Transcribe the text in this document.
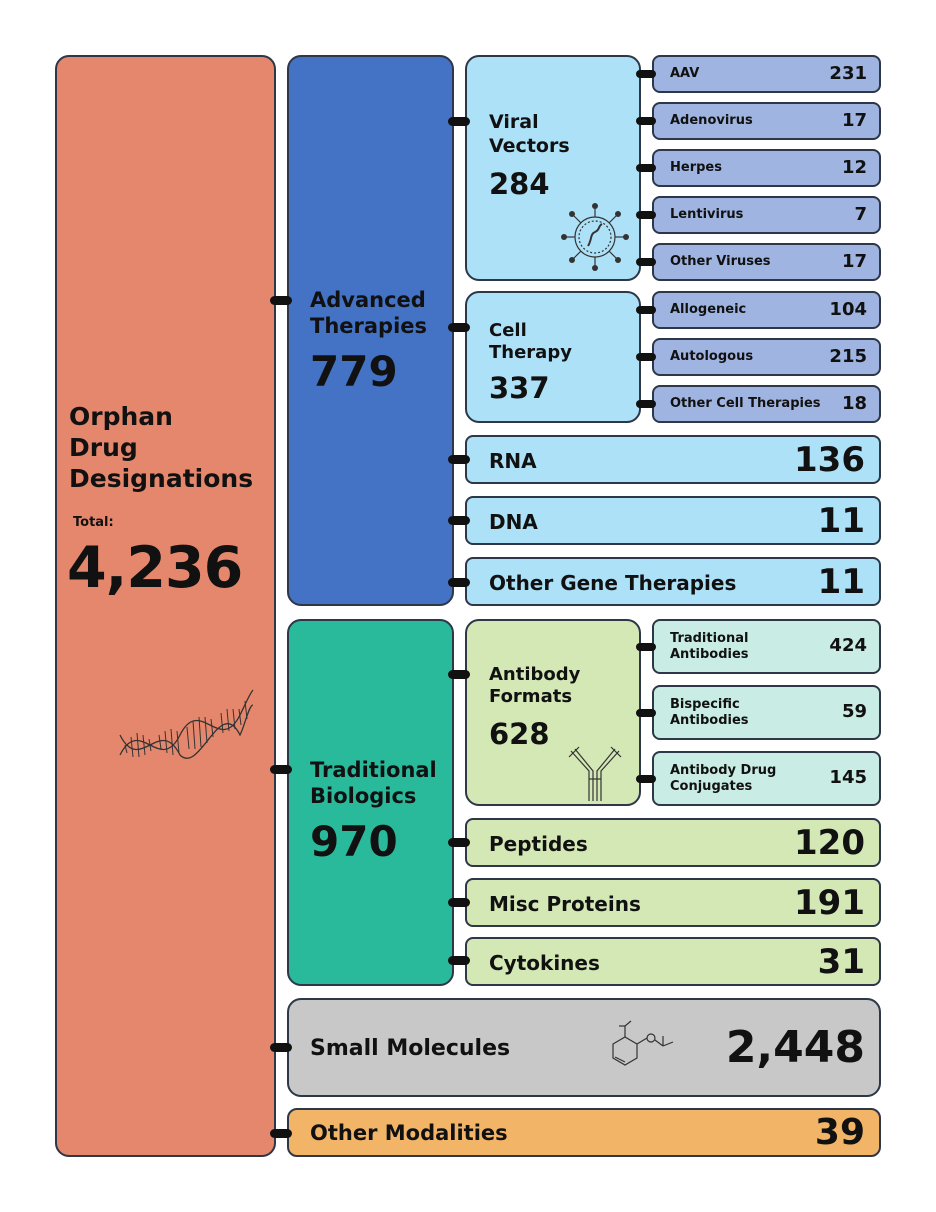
Orphan
Drug
Designations
Total:
4,236
Advanced
Therapies
779
Viral
Vectors
284
AAV	231
Adenovirus	17
Herpes	12
Lentivirus	7
Other Viruses	17
Cell
Therapy
337
Allogeneic	104
Autologous	215
Other Cell Therapies 18
RNA	136
DNA	11
Other Gene Therapies 11
Traditional
Biologics
970
Antibody
Formats
628
Traditional
Antibodies	424
Bispecific
Antibodies	59
Antibody Drug
Conjugates	145
Peptides	120
Misc Proteins	191
Cytokines	31
Small Molecules	2,448
Other Modalities	39
